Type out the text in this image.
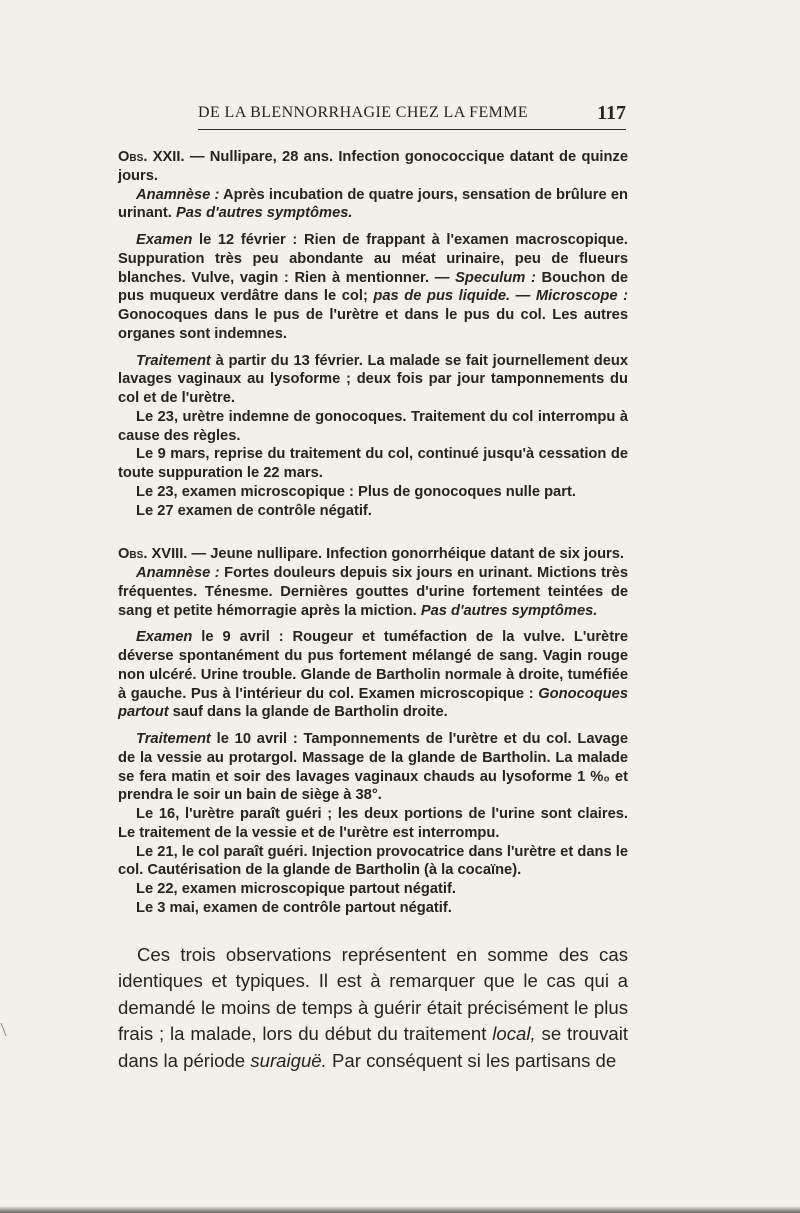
DE LA BLENNORRHAGIE CHEZ LA FEMME	117

Obs. XXII. — Nullipare, 28 ans. Infection gonococcique datant de quinze jours.

Anamnèse : Après incubation de quatre jours, sensation de brûlure en urinant. Pas d'autres symptômes.

Examen le 12 février : Rien de frappant à l'examen macroscopique. Suppuration très peu abondante au méat urinaire, peu de flueurs blanches. Vulve, vagin : Rien à mentionner. — Speculum : Bouchon de pus muqueux verdâtre dans le col; pas de pus liquide. — Microscope : Gonocoques dans le pus de l'urètre et dans le pus du col. Les autres organes sont indemnes.

Traitement à partir du 13 février. La malade se fait journellement deux lavages vaginaux au lysoforme ; deux fois par jour tamponnements du col et de l'urètre.

Le 23, urètre indemne de gonocoques. Traitement du col interrompu à cause des règles.

Le 9 mars, reprise du traitement du col, continué jusqu'à cessation de toute suppuration le 22 mars.

Le 23, examen microscopique : Plus de gonocoques nulle part.

Le 27 examen de contrôle négatif.

Obs. XVIII. — Jeune nullipare. Infection gonorrhéique datant de six jours.

Anamnèse : Fortes douleurs depuis six jours en urinant. Mictions très fréquentes. Ténesme. Dernières gouttes d'urine fortement teintées de sang et petite hémorragie après la miction. Pas d'autres symptômes.

Examen le 9 avril : Rougeur et tuméfaction de la vulve. L'urètre déverse spontanément du pus fortement mélangé de sang. Vagin rouge non ulcéré. Urine trouble. Glande de Bartholin normale à droite, tuméfiée à gauche. Pus à l'intérieur du col. Examen microscopique : Gonocoques partout sauf dans la glande de Bartholin droite.

Traitement le 10 avril : Tamponnements de l'urètre et du col. Lavage de la vessie au protargol. Massage de la glande de Bartholin. La malade se fera matin et soir des lavages vaginaux chauds au lysoforme 1 %₀ et prendra le soir un bain de siège à 38°.

Le 16, l'urètre paraît guéri ; les deux portions de l'urine sont claires. Le traitement de la vessie et de l'urètre est interrompu.

Le 21, le col paraît guéri. Injection provocatrice dans l'urètre et dans le col. Cautérisation de la glande de Bartholin (à la cocaïne).

Le 22, examen microscopique partout négatif.

Le 3 mai, examen de contrôle partout négatif.

Ces trois observations représentent en somme des cas identiques et typiques. Il est à remarquer que le cas qui a demandé le moins de temps à guérir était précisément le plus frais ; la malade, lors du début du traitement local, se trouvait dans la période suraiguë. Par conséquent si les partisans de
